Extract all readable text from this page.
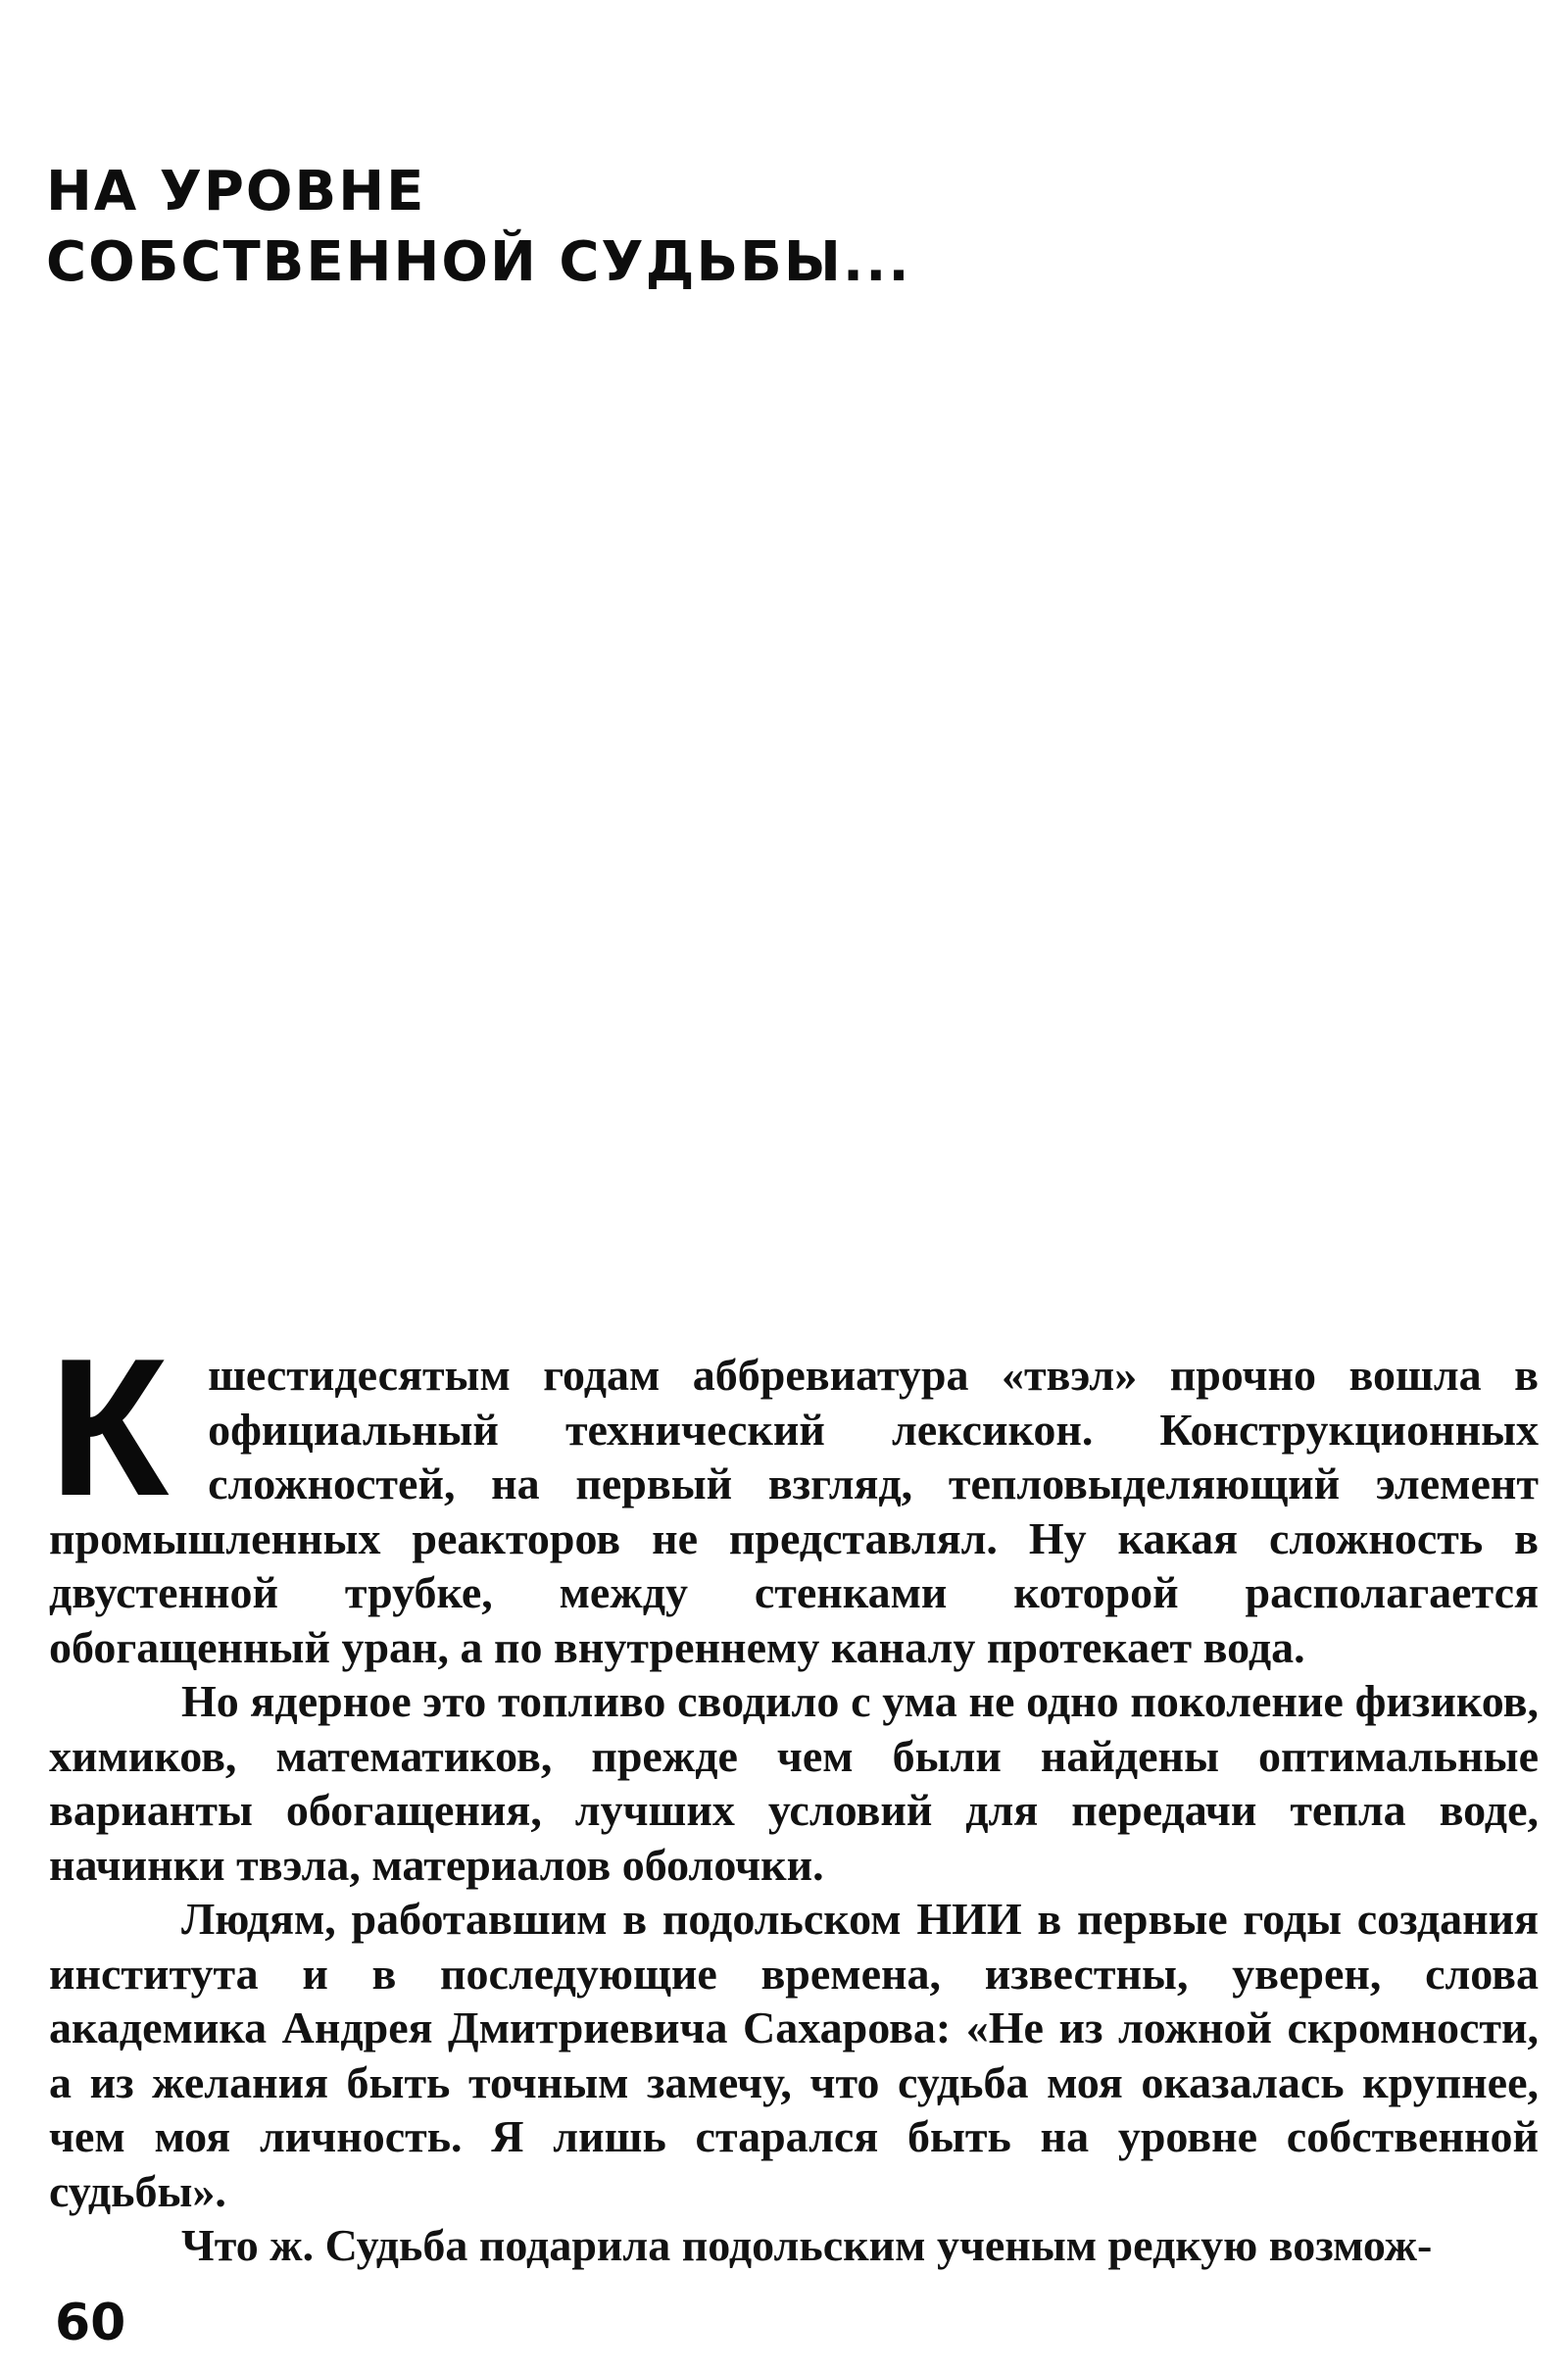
НА УРОВНЕ
СОБСТВЕННОЙ СУДЬБЫ...
К шестидесятым годам аббревиатура «твэл» прочно вошла в официальный технический лексикон. Конструкционных сложностей, на первый взгляд, тепловыделяющий элемент промышленных реакторов не представлял. Ну какая сложность в двустенной трубке, между стенками которой располагается обогащенный уран, а по внутреннему каналу протекает вода.

Но ядерное это топливо сводило с ума не одно поколение физиков, химиков, математиков, прежде чем были найдены оптимальные варианты обогащения, лучших условий для передачи тепла воде, начинки твэла, материалов оболочки.

Людям, работавшим в подольском НИИ в первые годы создания института и в последующие времена, известны, уверен, слова академика Андрея Дмитриевича Сахарова: «Не из ложной скромности, а из желания быть точным замечу, что судьба моя оказалась крупнее, чем моя личность. Я лишь старался быть на уровне собственной судьбы».

Что ж. Судьба подарила подольским ученым редкую возмож-

60
